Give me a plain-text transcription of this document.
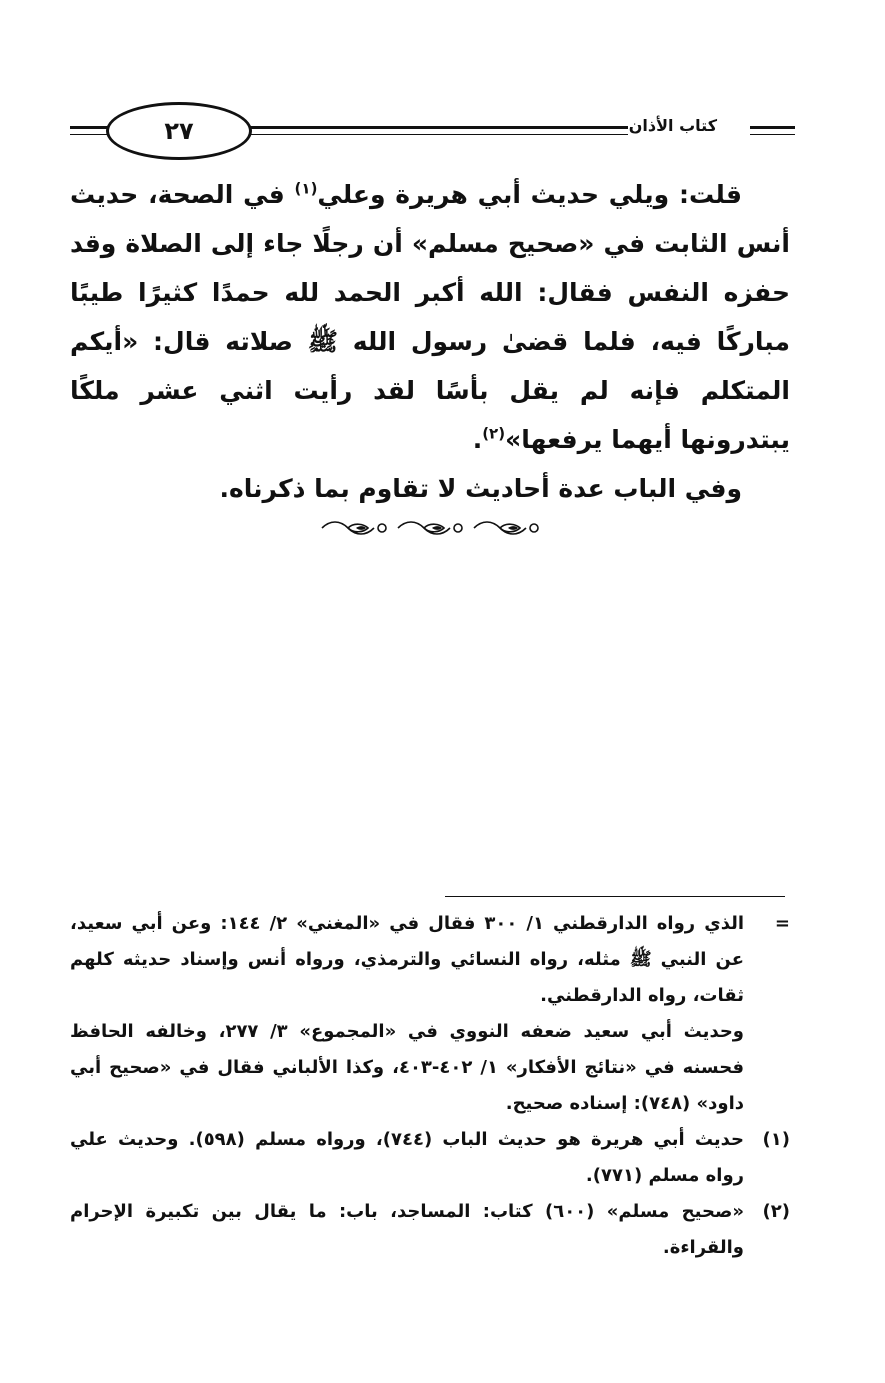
٢٧	كتاب الأذان

قلت: ويلي حديث أبي هريرة وعلي$^{(١)}$ في الصحة، حديث أنس الثابت في «صحيح مسلم» أن رجلًا جاء إلى الصلاة وقد حفزه النفس فقال: الله أكبر الحمد لله حمدًا كثيرًا طيبًا مباركًا فيه، فلما قضىٰ رسول الله ﷺ صلاته قال: «أيكم المتكلم فإنه لم يقل بأسًا لقد رأيت اثني عشر ملكًا يبتدرونها أيهما يرفعها»$^{(٢)}$.

وفي الباب عدة أحاديث لا تقاوم بما ذكرناه.

=
الذي رواه الدارقطني ١/ ٣٠٠ فقال في «المغني» ٢/ ١٤٤: وعن أبي سعيد، عن النبي ﷺ مثله، رواه النسائي والترمذي، ورواه أنس وإسناد حديثه كلهم ثقات، رواه الدارقطني.
وحديث أبي سعيد ضعفه النووي في «المجموع» ٣/ ٢٧٧، وخالفه الحافظ فحسنه في «نتائج الأفكار» ١/ ٤٠٢-٤٠٣، وكذا الألباني فقال في «صحيح أبي داود» (٧٤٨): إسناده صحيح.
(١)
حديث أبي هريرة هو حديث الباب (٧٤٤)، ورواه مسلم (٥٩٨). وحديث علي رواه مسلم (٧٧١).
(٢)
«صحيح مسلم» (٦٠٠) كتاب: المساجد، باب: ما يقال بين تكبيرة الإحرام والقراءة.
